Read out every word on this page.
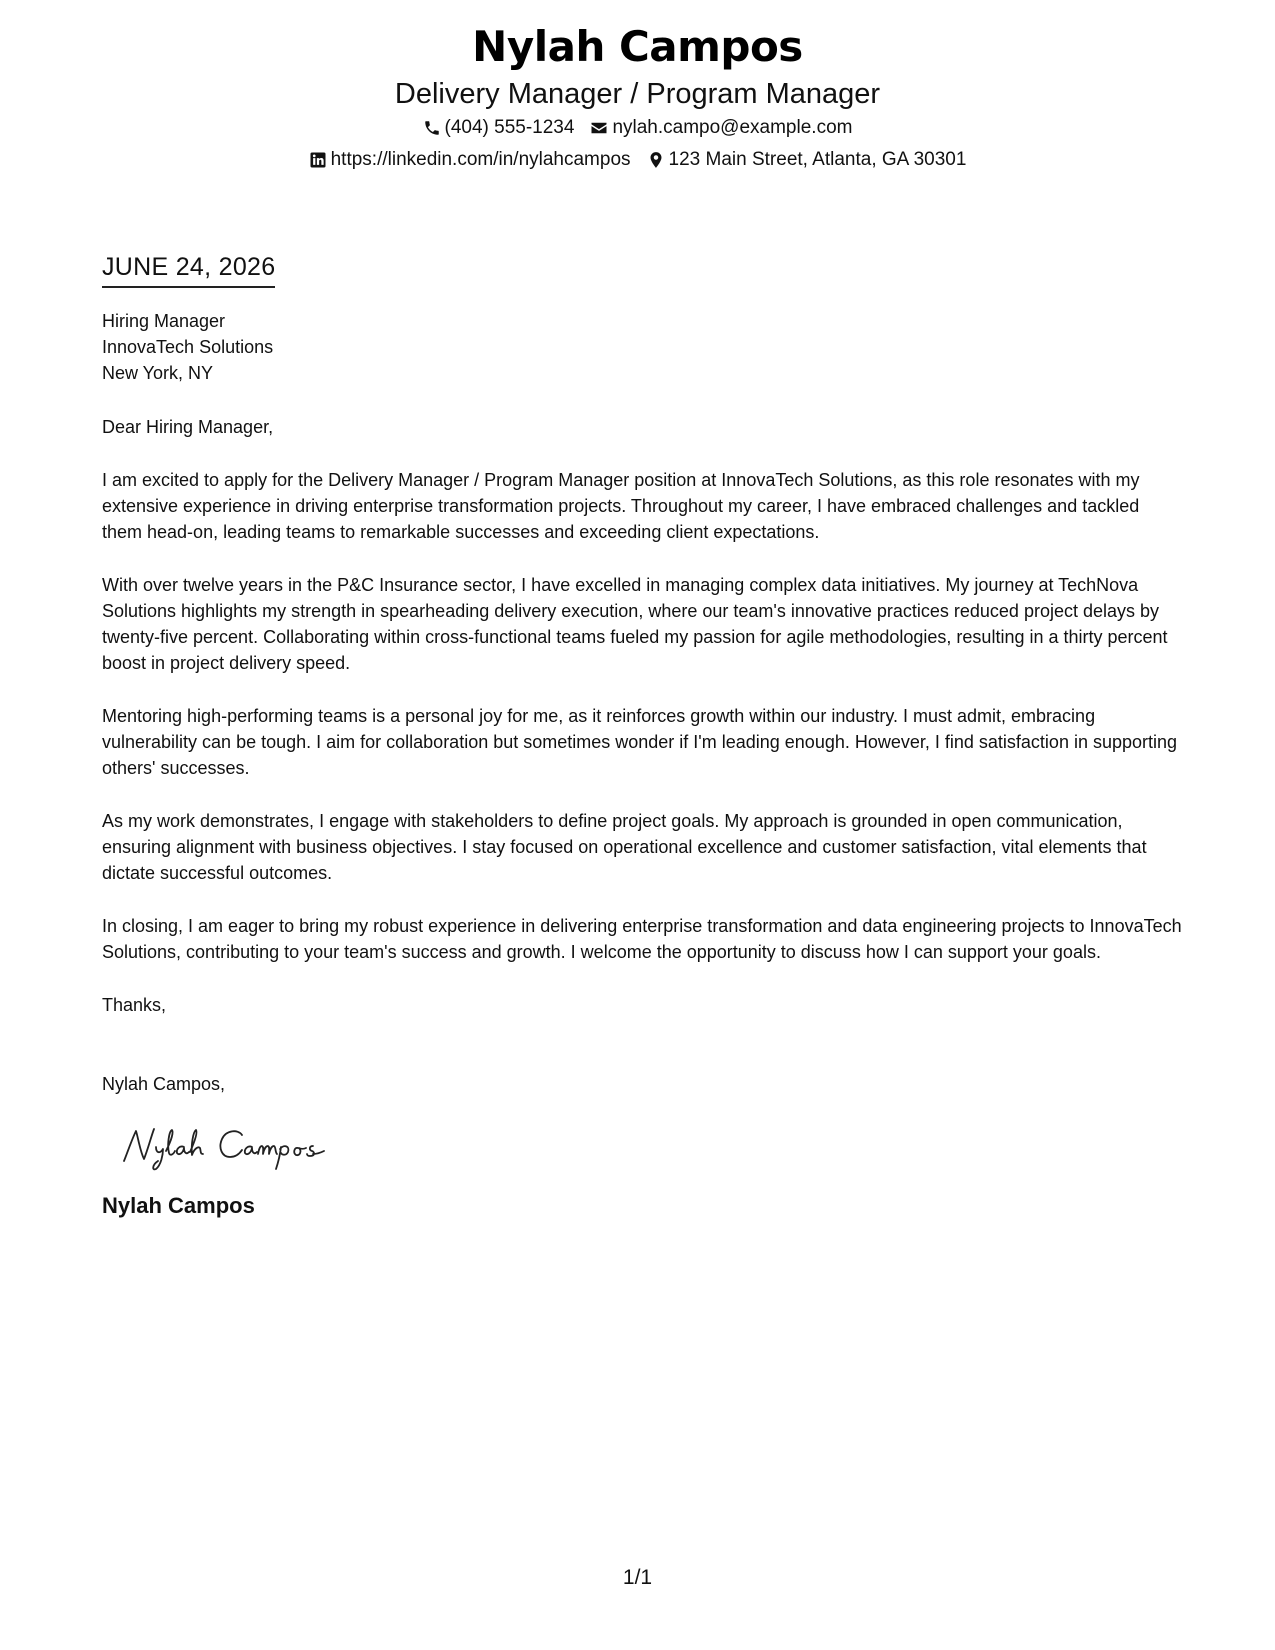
Nylah Campos
Delivery Manager / Program Manager
(404) 555-1234 nylah.campo@example.com
https://linkedin.com/in/nylahcampos 123 Main Street, Atlanta, GA 30301
JUNE 24, 2026
Hiring Manager
InnovaTech Solutions
New York, NY
Dear Hiring Manager,
I am excited to apply for the Delivery Manager / Program Manager position at InnovaTech Solutions, as this role resonates with my extensive experience in driving enterprise transformation projects. Throughout my career, I have embraced challenges and tackled them head-on, leading teams to remarkable successes and exceeding client expectations.
With over twelve years in the P&C Insurance sector, I have excelled in managing complex data initiatives. My journey at TechNova Solutions highlights my strength in spearheading delivery execution, where our team's innovative practices reduced project delays by twenty-five percent. Collaborating within cross-functional teams fueled my passion for agile methodologies, resulting in a thirty percent boost in project delivery speed.
Mentoring high-performing teams is a personal joy for me, as it reinforces growth within our industry. I must admit, embracing vulnerability can be tough. I aim for collaboration but sometimes wonder if I'm leading enough. However, I find satisfaction in supporting others' successes.
As my work demonstrates, I engage with stakeholders to define project goals. My approach is grounded in open communication, ensuring alignment with business objectives. I stay focused on operational excellence and customer satisfaction, vital elements that dictate successful outcomes.
In closing, I am eager to bring my robust experience in delivering enterprise transformation and data engineering projects to InnovaTech Solutions, contributing to your team's success and growth. I welcome the opportunity to discuss how I can support your goals.
Thanks,
Nylah Campos,
Nylah Campos
1/1
